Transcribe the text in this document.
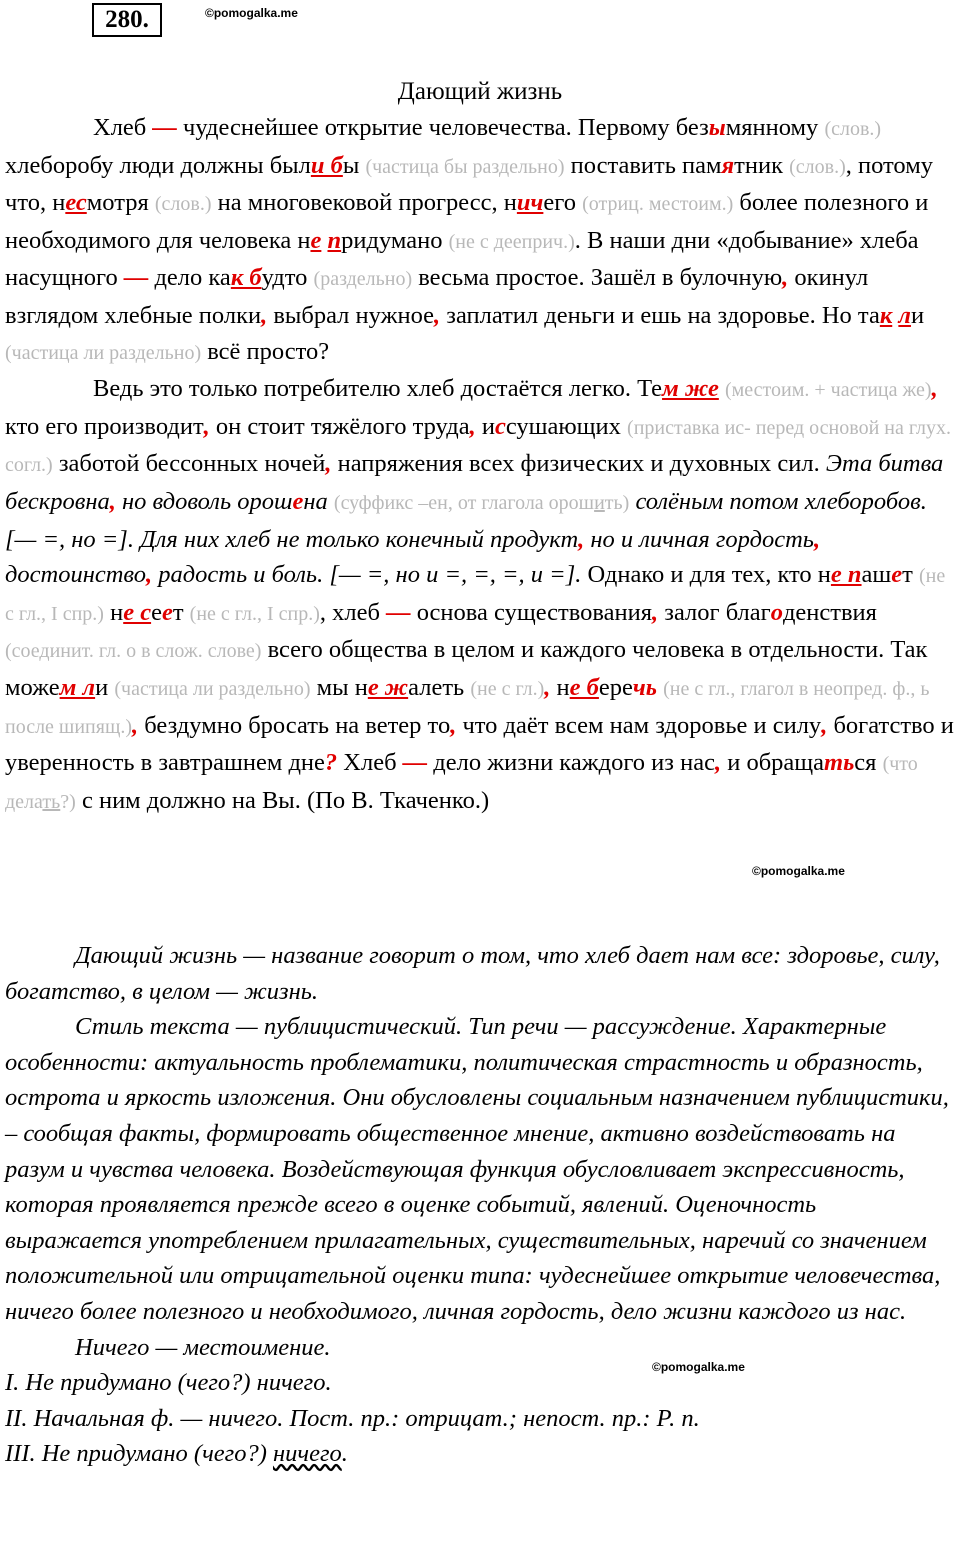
280.	©pomogalka.me
©pomogalka.me
©pomogalka.me
Дающий жизнь

Хлеб — чудеснейшее открытие человечества. Первому безымянному (слов.) хлеборобу люди должны были бы (частица бы раздельно) поставить памятник (слов.), потому что, несмотря (слов.) на многовековой прогресс, ничего (отриц. местоим.) более полезного и необходимого для человека не придумано (не с дееприч.). В наши дни «добывание» хлеба насущного — дело как будто (раздельно) весьма простое. Зашёл в булочную, окинул взглядом хлебные полки, выбрал нужное, заплатил деньги и ешь на здоровье. Но так ли (частица ли раздельно) всё просто?

Ведь это только потребителю хлеб достаётся легко. Тем же (местоим. + частица же), кто его производит, он стоит тяжёлого труда, иссушающих (приставка ис- перед основой на глух. согл.) заботой бессонных ночей, напряжения всех физических и духовных сил. Эта битва бескровна, но вдоволь орошена (суффикс –ен, от глагола орошить) солёным потом хлеборобов. [— =, но =]. Для них хлеб не только конечный продукт, но и личная гордость, достоинство, радость и боль. [— =, но и =, =, =, и =]. Однако и для тех, кто не пашет (не с гл., I спр.) не сеет (не с гл., I спр.), хлеб — основа существования, залог благоденствия (соединит. гл. о в слож. слове) всего общества в целом и каждого человека в отдельности. Так можем ли (частица ли раздельно) мы не жалеть (не с гл.), не беречь (не с гл., глагол в неопред. ф., ь после шипящ.), бездумно бросать на ветер то, что даёт всем нам здоровье и силу, богатство и уверенность в завтрашнем дне? Хлеб — дело жизни каждого из нас, и обращаться (что делать?) с ним должно на Вы. (По В. Ткаченко.)

Дающий жизнь — название говорит о том, что хлеб дает нам все: здоровье, силу, богатство, в целом — жизнь.

Стиль текста — публицистический. Тип речи — рассуждение. Характерные особенности: актуальность проблематики, политическая страстность и образность, острота и яркость изложения. Они обусловлены социальным назначением публицистики, – сообщая факты, формировать общественное мнение, активно воздействовать на разум и чувства человека. Воздействующая функция обусловливает экспрессивность, которая проявляется прежде всего в оценке событий, явлений. Оценочность выражается употреблением прилагательных, существительных, наречий со значением положительной или отрицательной оценки типа: чудеснейшее открытие человечества, ничего более полезного и необходимого, личная гордость, дело жизни каждого из нас.

Ничего — местоимение.

I. Не придумано (чего?) ничего.

II. Начальная ф. — ничего. Пост. пр.: отрицат.; непост. пр.: Р. п.

III. Не придумано (чего?) ничего.
